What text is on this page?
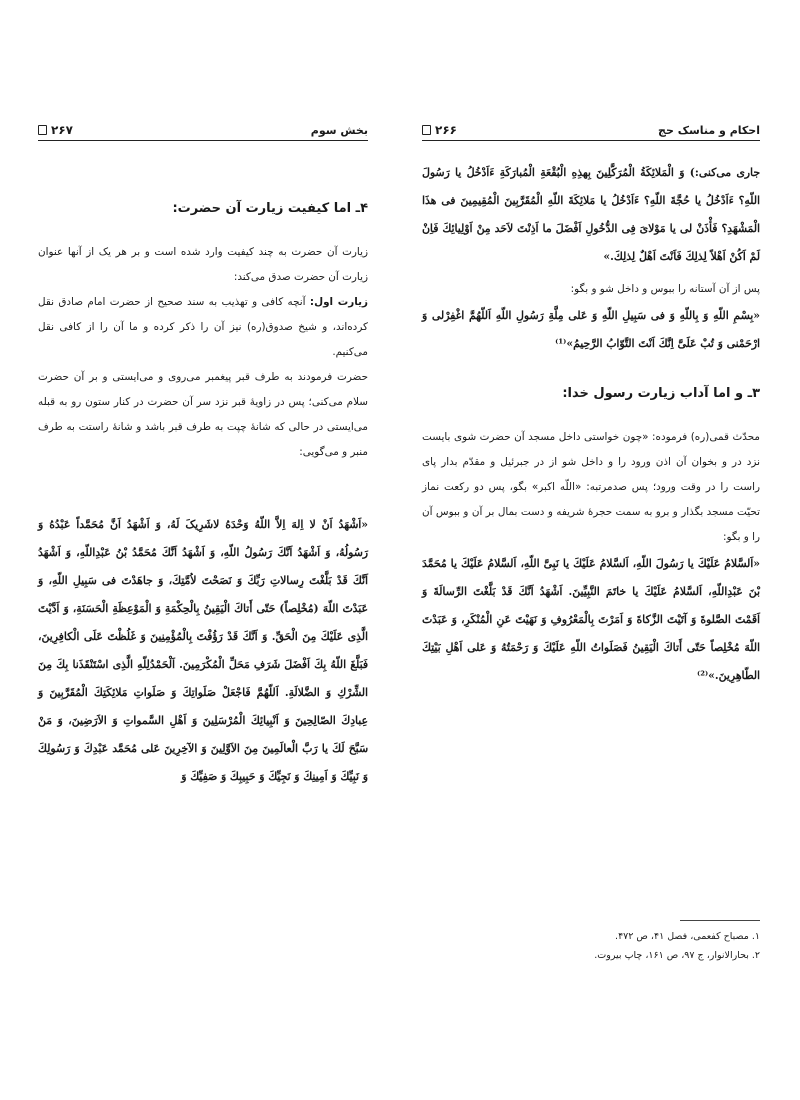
بخش سوم
۲۶۷
۴ـ اما کیفیت زیارت آن حضرت:

زیارت آن حضرت به چند کیفیت وارد شده است و بر هر یک از آنها عنوان زیارت آن حضرت صدق می‌کند:

زیارت اول: آنچه کافی و تهذیب به سند صحیح از حضرت امام صادق نقل کرده‌اند، و شیخ صدوق(ره) نیز آن را ذکر کرده و ما آن را از کافی نقل می‌کنیم.

حضرت فرمودند به طرف قبر پیغمبر می‌روی و می‌ایستی و بر آن حضرت سلام می‌کنی؛ پس در زاویهٔ قبر نزد سر آن حضرت در کنار ستون رو به قبله می‌ایستی در حالی که شانهٔ چپت به طرف قبر باشد و شانهٔ راستت به طرف منبر و می‌گویی:

«اَشْهَدُ اَنْ لا اِلهَ اِلاَّ اللّهُ وَحْدَهُ لاشَرِیکَ لَهُ، وَ اَشْهَدُ اَنَّ مُحَمَّداً عَبْدُهُ وَ رَسُولُهُ، وَ اَشْهَدُ اَنَّكَ رَسُولُ اللّهِ، وَ اَشْهَدُ اَنَّكَ مُحَمَّدُ بْنُ عَبْدِاللّهِ، وَ اَشْهَدُ اَنَّكَ قَدْ بَلَّغْتَ رِسالاتِ رَبِّكَ وَ نَصَحْتَ لاُمَّتِكَ، وَ جاهَدْتَ فی سَبِیلِ اللّهِ، وَ عَبَدْتَ اللّهَ (مُخْلِصاً) حَتّی أَتاكَ الْیَقِینُ بِالْحِكْمَةِ وَ الْمَوْعِظَةِ الْحَسَنَةِ، وَ اَدَّیْتَ الَّذِی عَلَیْكَ مِنَ الْحَقِّ. وَ اَنَّكَ قَدْ رَؤُفْتَ بِالْمُؤْمِنِینَ وَ غَلُظْتَ عَلَی الْكافِرِینَ، فَبَلَّغَ اللّهُ بِكَ اَفْضَلَ شَرَفِ مَحَلِّ الْمُكْرَمِینَ. اَلْحَمْدُلِلّهِ الَّذِی اسْتَنْقَذَنا بِكَ مِنَ الشِّرْكِ وَ الضَّلالَةِ. اَللّهُمَّ فَاجْعَلْ صَلَواتِكَ وَ صَلَواتِ مَلائِكَتِكَ الْمُقَرَّبِینَ وَ عِبادِكَ الصّالِحِینَ وَ اَنْبِیائِكَ الْمُرْسَلِینَ وَ اَهْلِ السَّمواتِ وَ الاَرَضِینَ، وَ مَنْ سَبَّحَ لَكَ یا رَبَّ الْعالَمِینَ مِنَ الاَوَّلِینَ وَ الآخِرِینَ عَلی مُحَمَّد عَبْدِكَ وَ رَسُولِكَ وَ نَبِیِّكَ وَ اَمِینِكَ وَ نَجِیِّكَ وَ حَبِیبِكَ وَ صَفِیِّكَ وَ

احکام و مناسک حج
۲۶۶

جاری می‌کنی:) وَ الْمَلائِكَةُ الْمُرَكَّلِینَ بِهذِهِ الْبُقْعَةِ الْمُبارَكَةِ ءَاَدْخُلُ یا رَسُولَ اللّهِ؟ ءَاَدْخُلُ یا حُجَّةَ اللّهِ؟ ءَاَدْخُلُ یا مَلائِكَةَ اللّهِ الْمُقَرَّبِینَ الْمُقِیمِینَ فی هذَا الْمَشْهَدِ؟ فَأْذَنْ لی یا مَوْلایَ فِی الدُّخُولِ اَفْضَلَ ما اَذِنْتَ لاَحَد مِنْ اَوْلِیائِكَ فَاِنْ لَمْ اَكُنْ اَهْلاً لِذلِكَ فَاَنْتَ اَهْلٌ لِذلِكَ.»

پس از آن آستانه را ببوس و داخل شو و بگو:

«بِسْمِ اللّهِ وَ بِاللّهِ وَ فی سَبِیلِ اللّهِ وَ عَلی مِلَّةِ رَسُولِ اللّهِ اَللّهُمَّ اغْفِرْلی وَ ارْحَمْنی وَ تُبْ عَلَیَّ اِنَّكَ اَنْتَ التَّوّابُ الرَّحِیمُ»⁽¹⁾

۳ـ و اما آداب زیارت رسول خدا:

محدّث قمی(ره) فرموده: «چون خواستی داخل مسجد آن حضرت شوی بایست نزد در و بخوان آن اذن ورود را و داخل شو از در جبرئیل و مقدّم بدار پای راست را در وقت ورود؛ پس صدمرتبه: «اللّه اکبر» بگو، پس دو رکعت نماز تحیّت مسجد بگذار و برو به سمت حجرهٔ شریفه و دست بمال بر آن و ببوس آن را و بگو:

«اَلسَّلامُ عَلَیْكَ یا رَسُولَ اللّهِ، اَلسَّلامُ عَلَیْكَ یا نَبِیَّ اللّهِ، اَلسَّلامُ عَلَیْكَ یا مُحَمَّدَ بْنَ عَبْدِاللّهِ، اَلسَّلامُ عَلَیْكَ یا خاتَمَ النَّبِیِّینَ. اَشْهَدُ اَنَّكَ قَدْ بَلَّغْتَ الرِّسالَةَ وَ اَقَمْتَ الصَّلوةَ وَ آتَیْتَ الزَّكاةَ وَ اَمَرْتَ بِالْمَعْرُوفِ وَ نَهَیْتَ عَنِ الْمُنْكَرِ، وَ عَبَدْتَ اللّهَ مُخْلِصاً حَتّی أَتاكَ الْیَقِینُ فَصَلَواتُ اللّهِ عَلَیْكَ وَ رَحْمَتُهُ وَ عَلی اَهْلِ بَیْتِكَ الطّاهِرِینَ.»⁽²⁾

۱. مصباح کفعمی، فصل ۴۱، ص ۴۷۲.

۲. بحارالانوار، ج ۹۷، ص ۱۶۱، چاپ بیروت.
